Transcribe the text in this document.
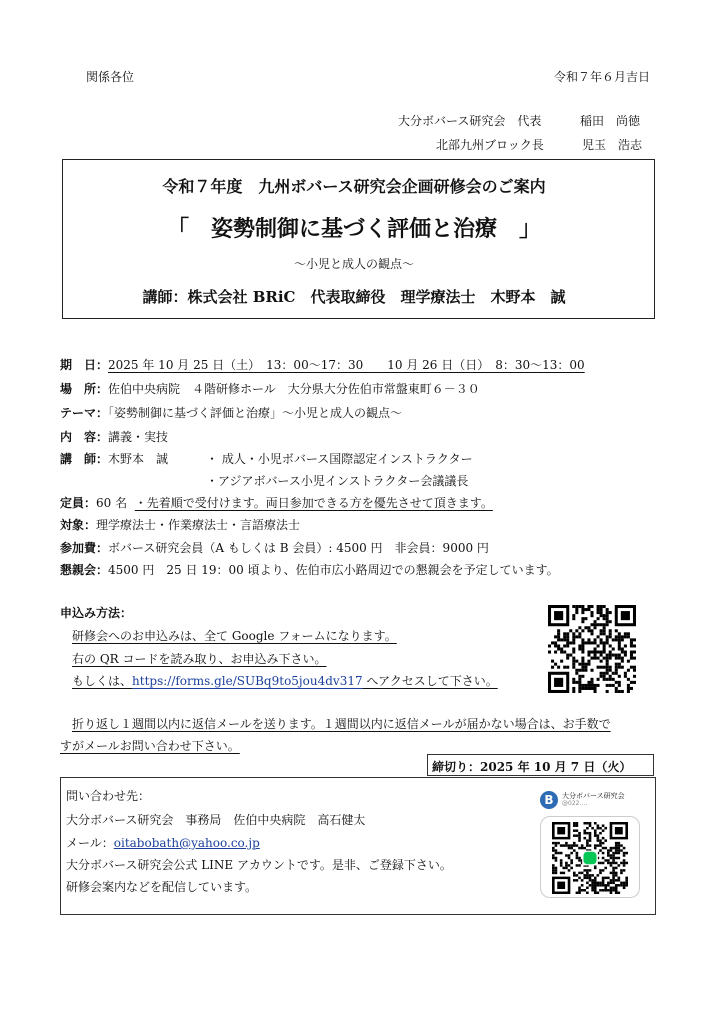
関係各位	令和７年６月吉日
大分ボバース研究会　代表	稲田　尚徳
北部九州ブロック長	児玉　浩志
令和７年度　九州ボバース研究会企画研修会のご案内
「　姿勢制御に基づく評価と治療　」
〜小児と成人の観点〜
講師：株式会社 BRiC　代表取締役　理学療法士　木野本　誠
期　日：2025 年 10 月 25 日（土）　13：00〜17：30　　10 月 26 日（日）　8：30〜13：00
場　所：佐伯中央病院　４階研修ホール　大分県大分佐伯市常盤東町６－３０
テーマ：「姿勢制御に基づく評価と治療」〜小児と成人の観点〜
内　容：講義・実技
講　師：木野本　誠	・ 成人・小児ボバース国際認定インストラクター
・アジアボバース小児インストラクター会議議長
定員：60 名 ・先着順で受付けます。両日参加できる方を優先させて頂きます。
対象：理学療法士・作業療法士・言語療法士
参加費：ボバース研究会員（A もしくは B 会員）: 4500 円　非会員：9000 円
懇親会：4500 円　25 日 19：00 頃より、佐伯市広小路周辺での懇親会を予定しています。
申込み方法：
研修会へのお申込みは、全て Google フォームになります。
右の QR コードを読み取り、お申込み下さい。
もしくは、https://forms.gle/SUBq9to5jou4dv317 へアクセスして下さい。
折り返し１週間以内に返信メールを送ります。１週間以内に返信メールが届かない場合は、お手数で
すがメールお問い合わせ下さい。
締切り：2025 年 10 月 7 日（火）
問い合わせ先：
大分ボバース研究会　事務局　佐伯中央病院　高石健太
メール：oitabobath@yahoo.co.jp
大分ボバース研究会公式 LINE アカウントです。是非、ご登録下さい。
研修会案内などを配信しています。
B	大分ボバース研究会
@022‥‥
